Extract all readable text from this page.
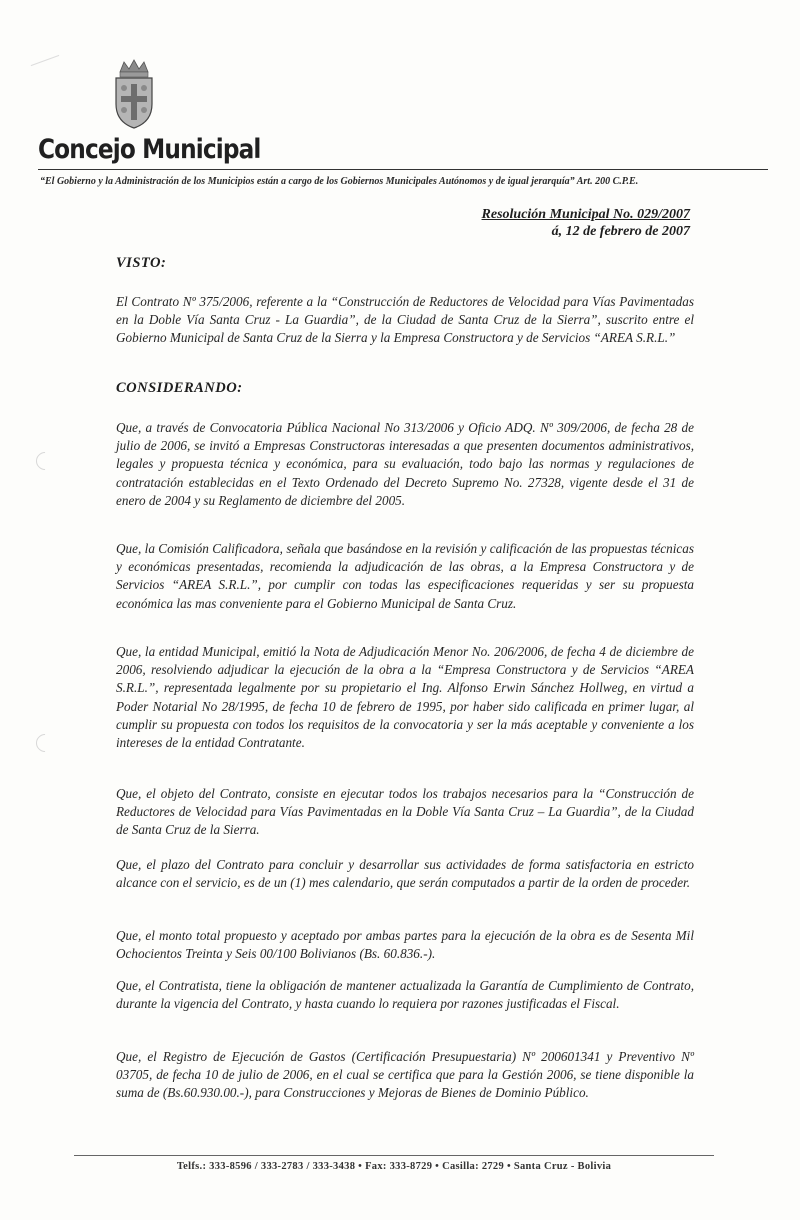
Concejo Municipal
“El Gobierno y la Administración de los Municipios están a cargo de los Gobiernos Municipales Autónomos y de igual jerarquía” Art. 200 C.P.E.
Resolución Municipal No. 029/2007
á, 12 de febrero de 2007
VISTO:
El Contrato Nº 375/2006, referente a la “Construcción de Reductores de Velocidad para Vías Pavimentadas en la Doble Vía Santa Cruz - La Guardia”, de la Ciudad de Santa Cruz de la Sierra”, suscrito entre el Gobierno Municipal de Santa Cruz de la Sierra y la Empresa Constructora y de Servicios “AREA S.R.L.”
CONSIDERANDO:
Que, a través de Convocatoria Pública Nacional No 313/2006 y Oficio ADQ. Nº 309/2006, de fecha 28 de julio de 2006, se invitó a Empresas Constructoras interesadas a que presenten documentos administrativos, legales y propuesta técnica y económica, para su evaluación, todo bajo las normas y regulaciones de contratación establecidas en el Texto Ordenado del Decreto Supremo No. 27328, vigente desde el 31 de enero de 2004 y su Reglamento de diciembre del 2005.
Que, la Comisión Calificadora, señala que basándose en la revisión y calificación de las propuestas técnicas y económicas presentadas, recomienda la adjudicación de las obras, a la Empresa Constructora y de Servicios “AREA S.R.L.”, por cumplir con todas las especificaciones requeridas y ser su propuesta económica las mas conveniente para el Gobierno Municipal de Santa Cruz.
Que, la entidad Municipal, emitió la Nota de Adjudicación Menor No. 206/2006, de fecha 4 de diciembre de 2006, resolviendo adjudicar la ejecución de la obra a la “Empresa Constructora y de Servicios “AREA S.R.L.”, representada legalmente por su propietario el Ing. Alfonso Erwin Sánchez Hollweg, en virtud a Poder Notarial No 28/1995, de fecha 10 de febrero de 1995, por haber sido calificada en primer lugar, al cumplir su propuesta con todos los requisitos de la convocatoria y ser la más aceptable y conveniente a los intereses de la entidad Contratante.
Que, el objeto del Contrato, consiste en ejecutar todos los trabajos necesarios para la “Construcción de Reductores de Velocidad para Vías Pavimentadas en la Doble Vía Santa Cruz – La Guardia”, de la Ciudad de Santa Cruz de la Sierra.
Que, el plazo del Contrato para concluir y desarrollar sus actividades de forma satisfactoria en estricto alcance con el servicio, es de un (1) mes calendario, que serán computados a partir de la orden de proceder.
Que, el monto total propuesto y aceptado por ambas partes para la ejecución de la obra es de Sesenta Mil Ochocientos Treinta y Seis 00/100 Bolivianos (Bs. 60.836.-).
Que, el Contratista, tiene la obligación de mantener actualizada la Garantía de Cumplimiento de Contrato, durante la vigencia del Contrato, y hasta cuando lo requiera por razones justificadas el Fiscal.
Que, el Registro de Ejecución de Gastos (Certificación Presupuestaria) Nº 200601341 y Preventivo Nº 03705, de fecha 10 de julio de 2006, en el cual se certifica que para la Gestión 2006, se tiene disponible la suma de (Bs.60.930.00.-), para Construcciones y Mejoras de Bienes de Dominio Público.
Telfs.: 333-8596 / 333-2783 / 333-3438 • Fax: 333-8729 • Casilla: 2729 • Santa Cruz - Bolivia
